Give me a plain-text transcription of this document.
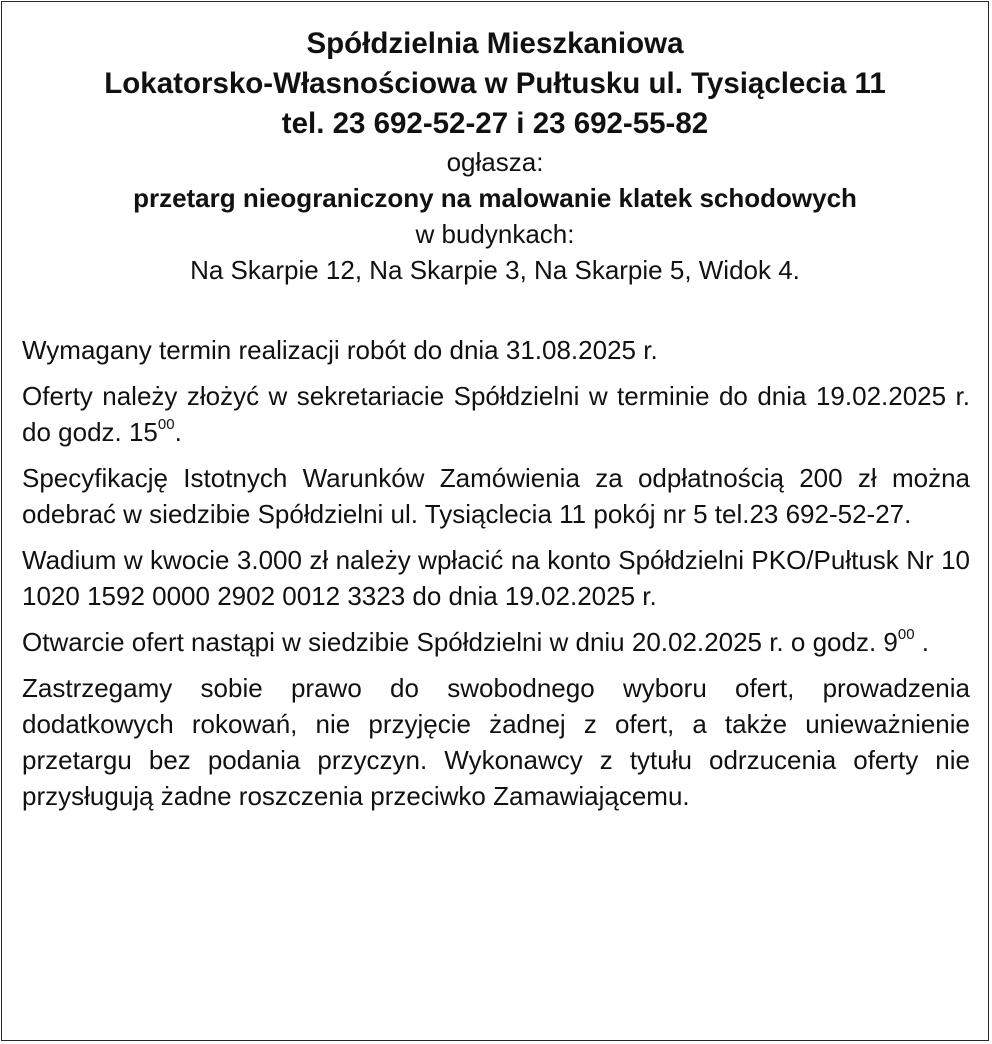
Spółdzielnia Mieszkaniowa
Lokatorsko-Własnościowa w Pułtusku ul. Tysiąclecia 11
tel. 23 692-52-27 i 23 692-55-82
ogłasza:
przetarg nieograniczony na malowanie klatek schodowych
w budynkach:
Na Skarpie 12, Na Skarpie 3, Na Skarpie 5, Widok 4.

Wymagany termin realizacji robót do dnia 31.08.2025 r.

Oferty należy złożyć w sekretariacie Spółdzielni w terminie do dnia 19.02.2025 r. do godz. $15^{00}$.

Specyfikację Istotnych Warunków Zamówienia za odpłatnością 200 zł można odebrać w siedzibie Spółdzielni ul. Tysiąclecia 11 pokój nr 5 tel.23 692-52-27.

Wadium w kwocie 3.000 zł należy wpłacić na konto Spółdzielni PKO/Pułtusk Nr 10 1020 1592 0000 2902 0012 3323 do dnia 19.02.2025 r.

Otwarcie ofert nastąpi w siedzibie Spółdzielni w dniu 20.02.2025 r. o godz. $9^{00}$ .

Zastrzegamy sobie prawo do swobodnego wyboru ofert, prowadzenia dodatkowych rokowań, nie przyjęcie żadnej z ofert, a także unieważnienie przetargu bez podania przyczyn. Wykonawcy z tytułu odrzucenia oferty nie przysługują żadne roszczenia przeciwko Zamawiającemu.
